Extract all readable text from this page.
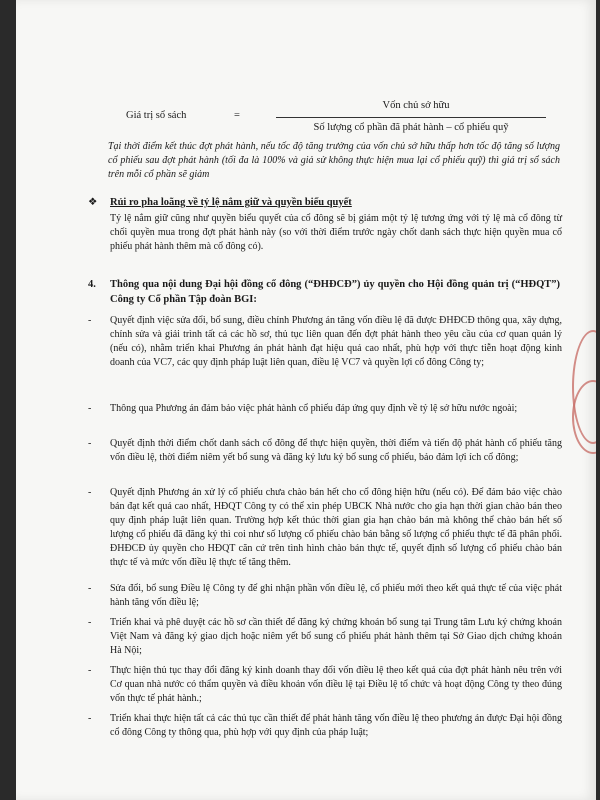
Giá trị sổ sách	=
Vốn chủ sở hữu
Số lượng cổ phần đã phát hành – cổ phiếu quỹ
Tại thời điểm kết thúc đợt phát hành, nếu tốc độ tăng trưởng của vốn chủ sở hữu thấp hơn tốc độ tăng số lượng cổ phiếu sau đợt phát hành (tối đa là 100% và giả sử không thực hiện mua lại cổ phiếu quỹ) thì giá trị sổ sách trên mỗi cổ phần sẽ giảm
❖ Rủi ro pha loãng về tỷ lệ nắm giữ và quyền biểu quyết
Tỷ lệ nắm giữ cũng như quyền biểu quyết của cổ đông sẽ bị giảm một tỷ lệ tương ứng với tỷ lệ mà cổ đông từ chối quyền mua trong đợt phát hành này (so với thời điểm trước ngày chốt danh sách thực hiện quyền mua cổ phiếu phát hành thêm mà cổ đông có).
4. Thông qua nội dung Đại hội đồng cổ đông (“ĐHĐCĐ”) ủy quyền cho Hội đồng quản trị (“HĐQT”) Công ty Cổ phần Tập đoàn BGI:
- Quyết định việc sửa đổi, bổ sung, điều chỉnh Phương án tăng vốn điều lệ đã được ĐHĐCĐ thông qua, xây dựng, chỉnh sửa và giải trình tất cả các hồ sơ, thủ tục liên quan đến đợt phát hành theo yêu cầu của cơ quan quản lý (nếu có), nhằm triển khai Phương án phát hành đạt hiệu quả cao nhất, phù hợp với thực tiễn hoạt động kinh doanh của VC7, các quy định pháp luật liên quan, điều lệ VC7 và quyền lợi cổ đông Công ty;
- Thông qua Phương án đảm bảo việc phát hành cổ phiếu đáp ứng quy định về tỷ lệ sở hữu nước ngoài;
- Quyết định thời điểm chốt danh sách cổ đông để thực hiện quyền, thời điểm và tiến độ phát hành cổ phiếu tăng vốn điều lệ, thời điểm niêm yết bổ sung và đăng ký lưu ký bổ sung cổ phiếu, bảo đảm lợi ích cổ đông;
- Quyết định Phương án xử lý cổ phiếu chưa chào bán hết cho cổ đông hiện hữu (nếu có). Để đảm bảo việc chào bán đạt kết quả cao nhất, HĐQT Công ty có thể xin phép UBCK Nhà nước cho gia hạn thời gian chào bán theo quy định pháp luật liên quan. Trường hợp kết thúc thời gian gia hạn chào bán mà không thể chào bán hết số lượng cổ phiếu đã đăng ký thì coi như số lượng cổ phiếu chào bán bằng số lượng cổ phiếu thực tế đã phân phối. ĐHĐCĐ ủy quyền cho HĐQT căn cứ trên tình hình chào bán thực tế, quyết định số lượng cổ phiếu chào bán thực tế và mức vốn điều lệ thực tế tăng thêm.
- Sửa đổi, bổ sung Điều lệ Công ty để ghi nhận phần vốn điều lệ, cổ phiếu mới theo kết quả thực tế của việc phát hành tăng vốn điều lệ;
- Triển khai và phê duyệt các hồ sơ cần thiết để đăng ký chứng khoán bổ sung tại Trung tâm Lưu ký chứng khoán Việt Nam và đăng ký giao dịch hoặc niêm yết bổ sung cổ phiếu phát hành thêm tại Sở Giao dịch chứng khoán Hà Nội;
- Thực hiện thủ tục thay đổi đăng ký kinh doanh thay đổi vốn điều lệ theo kết quả của đợt phát hành nêu trên với Cơ quan nhà nước có thẩm quyền và điều khoản vốn điều lệ tại Điều lệ tổ chức và hoạt động Công ty theo đúng vốn thực tế phát hành.;
- Triển khai thực hiện tất cả các thủ tục cần thiết để phát hành tăng vốn điều lệ theo phương án được Đại hội đồng cổ đông Công ty thông qua, phù hợp với quy định của pháp luật;
